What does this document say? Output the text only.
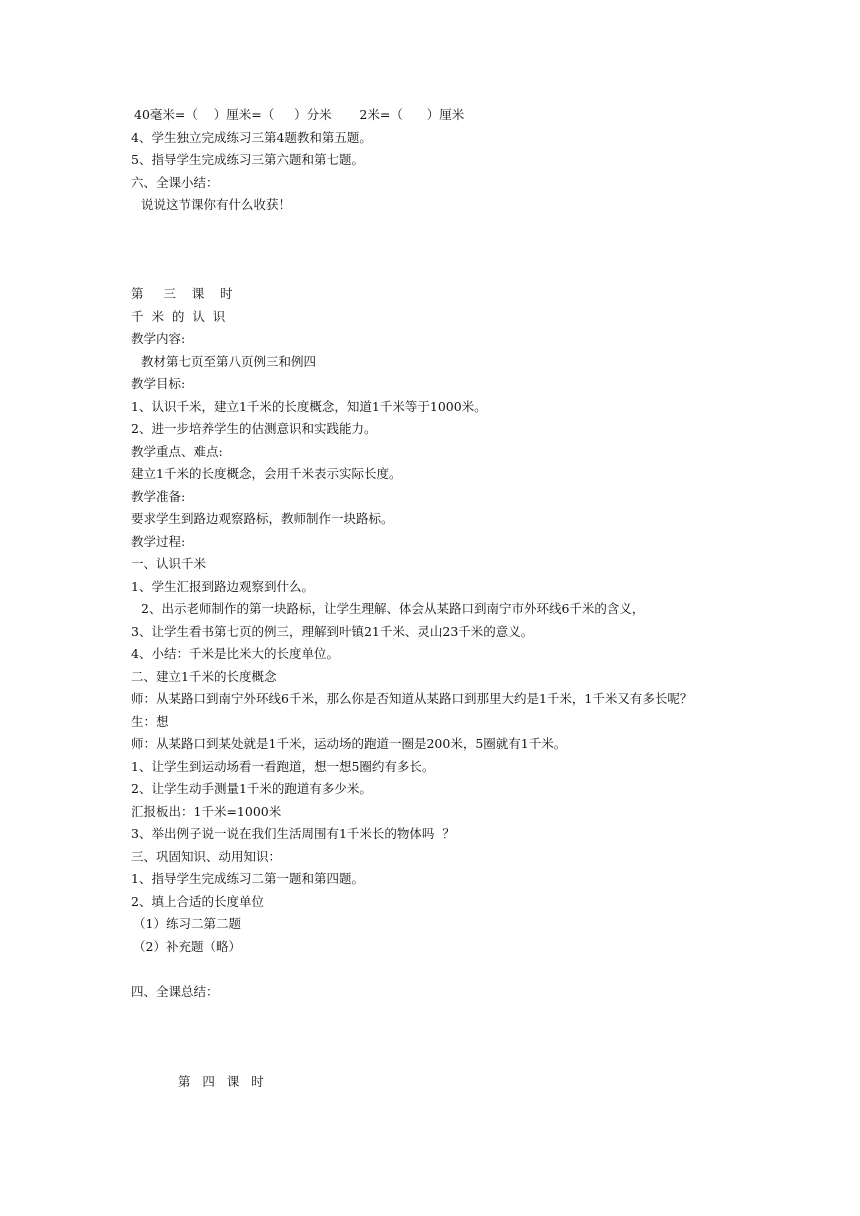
40毫米=（    ）厘米=（     ）分米       2米=（      ）厘米
4、学生独立完成练习三第4题教和第五题。
5、指导学生完成练习三第六题和第七题。
六、全课小结：
说说这节课你有什么收获！
第     三    课    时
千  米  的  认  识
教学内容:
教材第七页至第八页例三和例四
教学目标:
1、认识千米，建立1千米的长度概念，知道1千米等于1000米。
2、进一步培养学生的估测意识和实践能力。
教学重点、难点:
建立1千米的长度概念，会用千米表示实际长度。
教学准备:
要求学生到路边观察路标，教师制作一块路标。
教学过程:
一、认识千米
1、学生汇报到路边观察到什么。
2、出示老师制作的第一块路标，让学生理解、体会从某路口到南宁市外环线6千米的含义，
3、让学生看书第七页的例三，理解到叶镇21千米、灵山23千米的意义。
4、小结：千米是比米大的长度单位。
二、建立1千米的长度概念
师：从某路口到南宁外环线6千米，那么你是否知道从某路口到那里大约是1千米，1千米又有多长呢？
生：想
师：从某路口到某处就是1千米，运动场的跑道一圈是200米，5圈就有1千米。
1、让学生到运动场看一看跑道，想一想5圈约有多长。
2、让学生动手测量1千米的跑道有多少米。
汇报板出：1千米=1000米
3、举出例子说一说在我们生活周围有1千米长的物体吗  ？
三、巩固知识、动用知识：
1、指导学生完成练习二第一题和第四题。
2、填上合适的长度单位
（1）练习二第二题
（2）补充题（略）
四、全课总结：
第   四   课   时
